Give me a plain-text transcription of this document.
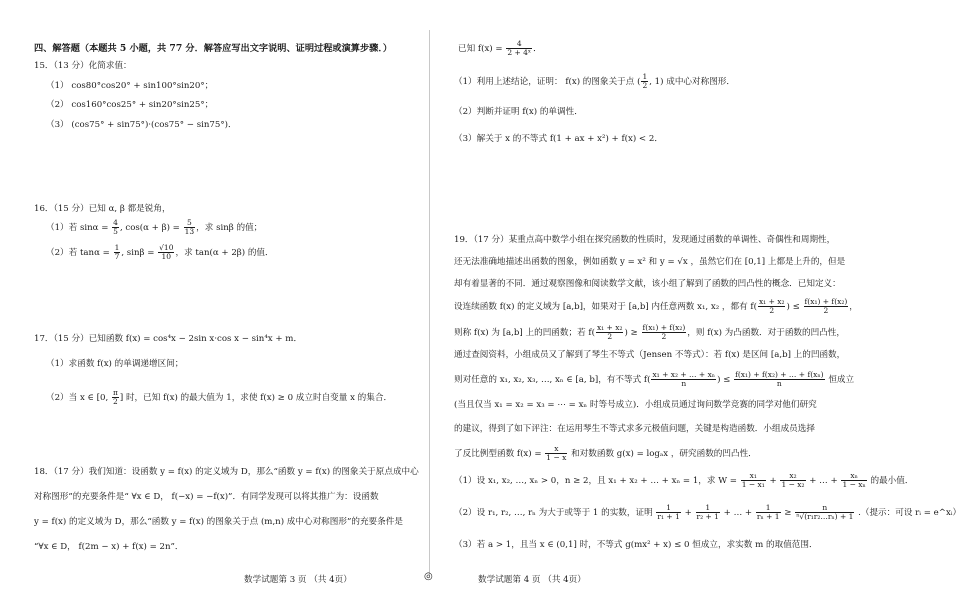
四、解答题（本题共 5 小题，共 77 分．解答应写出文字说明、证明过程或演算步骤．）
15．（13 分）化简求值：
（1） cos80°cos20° + sin100°sin20°；
（2） cos160°cos25° + sin20°sin25°；
（3） (cos75° + sin75°)·(cos75° − sin75°)．
16．（15 分）已知 α, β 都是锐角，
（1）若 $\sin\alpha = \frac{4}{5}$ , $\cos(\alpha + \beta) = \frac{5}{13}$ ，求 sinβ 的值；
（2）若 $\tan\alpha = \frac{1}{7}$ , $\sin\beta = \frac{√10}{10}$ ，求 tan(α + 2β) 的值．
17．（15 分）已知函数 f(x) = cos⁴x − 2sin x·cos x − sin⁴x + m．
（1）求函数 f(x) 的单调递增区间；
（2）当 x ∈ [0, $\frac{\pi}{2}$ ] 时，已知 f(x) 的最大值为 1，求使 f(x) ≥ 0 成立时自变量 x 的集合．
18．（17 分）我们知道：设函数 y = f(x) 的定义域为 D，那么“函数 y = f(x) 的图象关于原点成中心
对称图形”的充要条件是“ ∀x ∈ D， f(−x) = −f(x)”．有同学发现可以将其推广为：设函数
y = f(x) 的定义域为 D，那么“函数 y = f(x) 的图象关于点 (m,n) 成中心对称图形”的充要条件是
“∀x ∈ D， f(2m − x) + f(x) = 2n”．
数学试题第 3 页 （共 4页）	◎
已知 $f(x) = \frac{4}{\text{2 + 4ˣ}}$ ．
（1）利用上述结论，证明： f(x) 的图象关于点 ( $\frac{1}{2}$ , 1) 成中心对称图形．
（2）判断并证明 f(x) 的单调性．
（3）解关于 x 的不等式 f(1 + ax + x²) + f(x) < 2．
19．（17 分）某重点高中数学小组在探究函数的性质时，发现通过函数的单调性、奇偶性和周期性，
还无法准确地描述出函数的图象，例如函数 y = x² 和 y = √x ，虽然它们在 [0,1] 上都是上升的，但是
却有着显著的不同．通过观察图像和阅读数学文献，该小组了解到了函数的凹凸性的概念．已知定义：
设连续函数 f(x) 的定义域为 [a,b]，如果对于 [a,b] 内任意两数 x₁, x₂ ，都有 $f( \frac{\text{x₁ + x₂}}{2}$ ) ≤ $\frac{\text{f(x₁) + f(x₂)}}{2}$ ，
则称 f(x) 为 [a,b] 上的凹函数；若 $f( \frac{\text{x₁ + x₂}}{2}$ ) ≥ $\frac{\text{f(x₁) + f(x₂)}}{2}$ ，则 f(x) 为凸函数．对于函数的凹凸性，
通过查阅资料，小组成员又了解到了琴生不等式（Jensen 不等式）：若 f(x) 是区间 [a,b] 上的凹函数，
则对任意的 x₁, x₂, x₃, …, xₙ ∈ [a, b]，有不等式 $f( \frac{\text{x₁ + x₂ + … + xₙ}}{n}$ ) ≤ $\frac{\text{f(x₁) + f(x₂) + … + f(xₙ)}}{n}$ 恒成立
(当且仅当 x₁ = x₂ = x₃ = ⋯ = xₙ 时等号成立)．小组成员通过询问数学竞赛的同学对他们研究
的建议，得到了如下评注：在运用琴生不等式求多元极值问题，关键是构造函数．小组成员选择
了反比例型函数 $f(x) = \frac{x}{1 - x}$ 和对数函数 g(x) = logₐx ，研究函数的凹凸性．
（1）设 x₁, x₂, …, xₙ > 0，n ≥ 2，且 x₁ + x₂ + … + xₙ = 1，求 $W = \frac{\text{x₁}}{\text{1 − x₁}} + \frac{\text{x₂}}{\text{1 − x₂}}$ + … + $\frac{\text{xₙ}}{\text{1 − xₙ}}$ 的最小值．
（2）设 r₁, r₂, …, rₙ 为大于或等于 1 的实数，证明 $\frac{1}{\text{r₁ + 1}} + \frac{1}{\text{r₂ + 1}}$ + … + $\frac{1}{\text{rₙ + 1}} \ge \frac{n}{\text{ⁿ√(r₁r₂…rₙ) + 1}}$ .（提示：可设 rᵢ = e^xᵢ）
（3）若 a > 1，且当 x ∈ (0,1] 时，不等式 g(mx² + x) ≤ 0 恒成立，求实数 m 的取值范围．
数学试题第 4 页 （共 4页）
